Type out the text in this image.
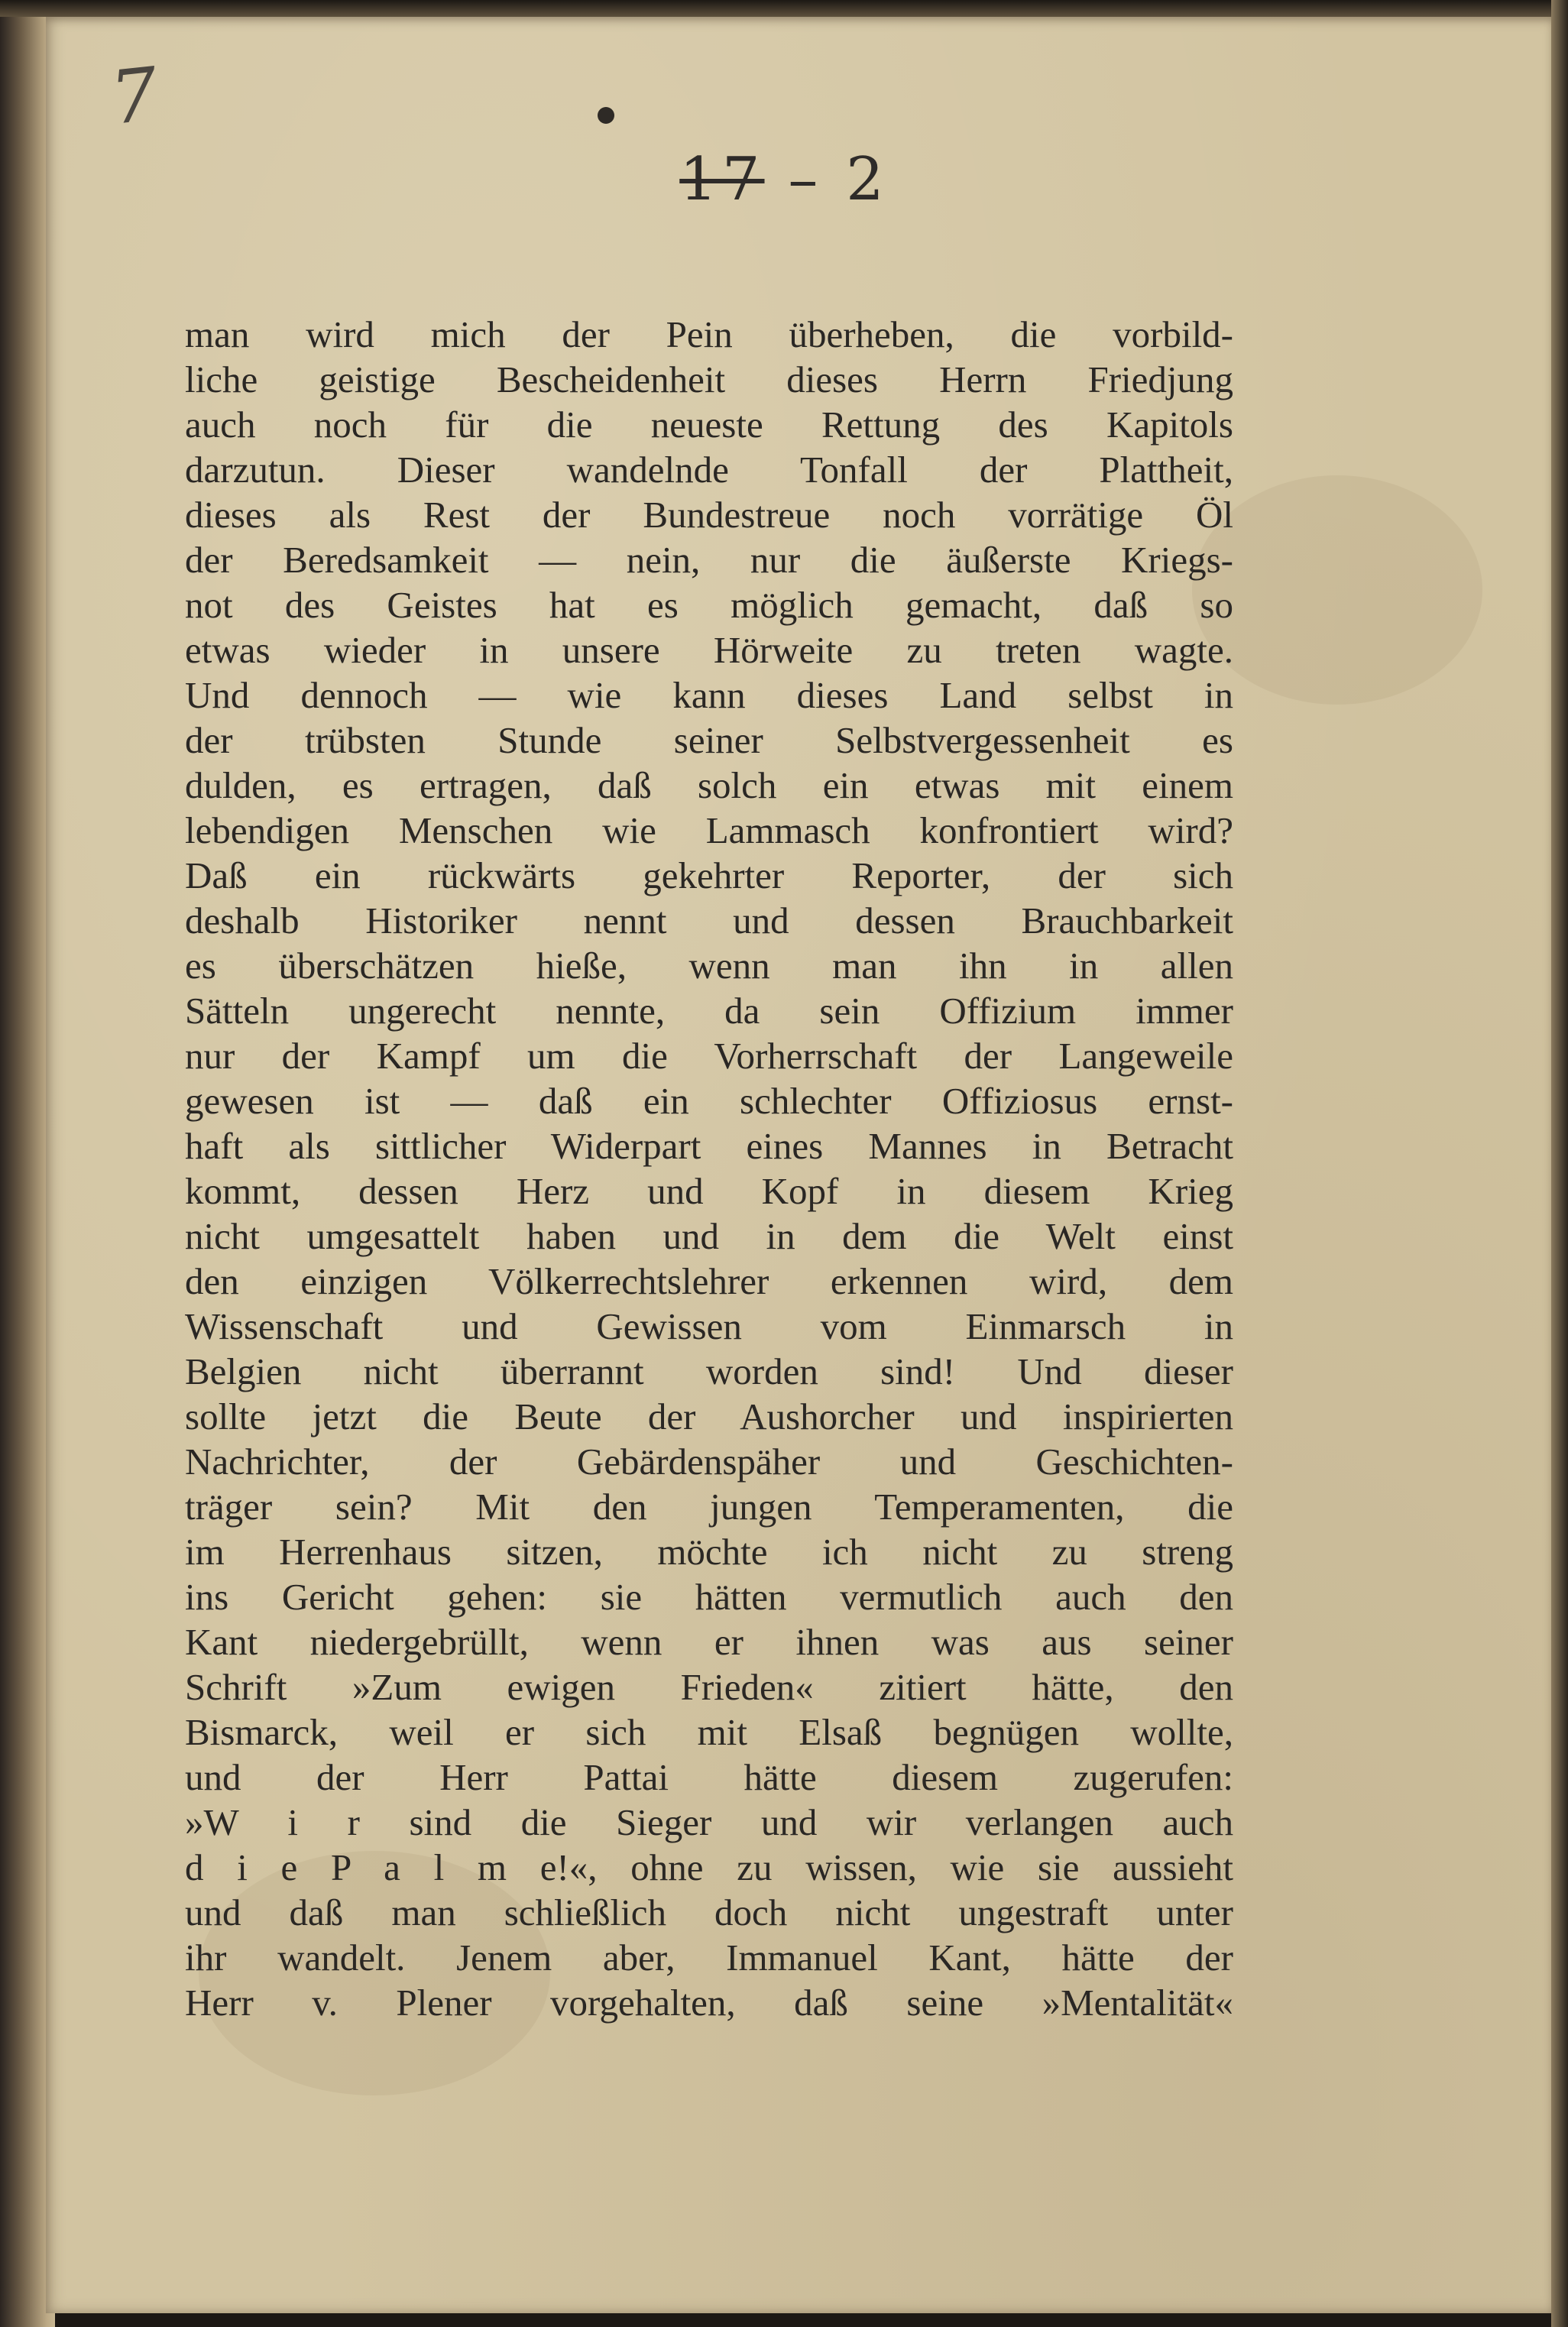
7
17 – 2
man wird mich der Pein überheben, die vorbild-
liche geistige Bescheidenheit dieses Herrn Friedjung
auch noch für die neueste Rettung des Kapitols
darzutun. Dieser wandelnde Tonfall der Plattheit,
dieses als Rest der Bundestreue noch vorrätige Öl
der Beredsamkeit — nein, nur die äußerste Kriegs-
not des Geistes hat es möglich gemacht, daß so
etwas wieder in unsere Hörweite zu treten wagte.
Und dennoch — wie kann dieses Land selbst in
der trübsten Stunde seiner Selbstvergessenheit es
dulden, es ertragen, daß solch ein etwas mit einem
lebendigen Menschen wie Lammasch konfrontiert wird?
Daß ein rückwärts gekehrter Reporter, der sich
deshalb Historiker nennt und dessen Brauchbarkeit
es überschätzen hieße, wenn man ihn in allen
Sätteln ungerecht nennte, da sein Offizium immer
nur der Kampf um die Vorherrschaft der Langeweile
gewesen ist — daß ein schlechter Offiziosus ernst-
haft als sittlicher Widerpart eines Mannes in Betracht
kommt, dessen Herz und Kopf in diesem Krieg
nicht umgesattelt haben und in dem die Welt einst
den einzigen Völkerrechtslehrer erkennen wird, dem
Wissenschaft und Gewissen vom Einmarsch in
Belgien nicht überrannt worden sind! Und dieser
sollte jetzt die Beute der Aushorcher und inspirierten
Nachrichter, der Gebärdenspäher und Geschichten-
träger sein? Mit den jungen Temperamenten, die
im Herrenhaus sitzen, möchte ich nicht zu streng
ins Gericht gehen: sie hätten vermutlich auch den
Kant niedergebrüllt, wenn er ihnen was aus seiner
Schrift »Zum ewigen Frieden« zitiert hätte, den
Bismarck, weil er sich mit Elsaß begnügen wollte,
und der Herr Pattai hätte diesem zugerufen:
»W i r sind die Sieger und wir verlangen auch
d i e P a l m e!«, ohne zu wissen, wie sie aussieht
und daß man schließlich doch nicht ungestraft unter
ihr wandelt. Jenem aber, Immanuel Kant, hätte der
Herr v. Plener vorgehalten, daß seine »Mentalität«
